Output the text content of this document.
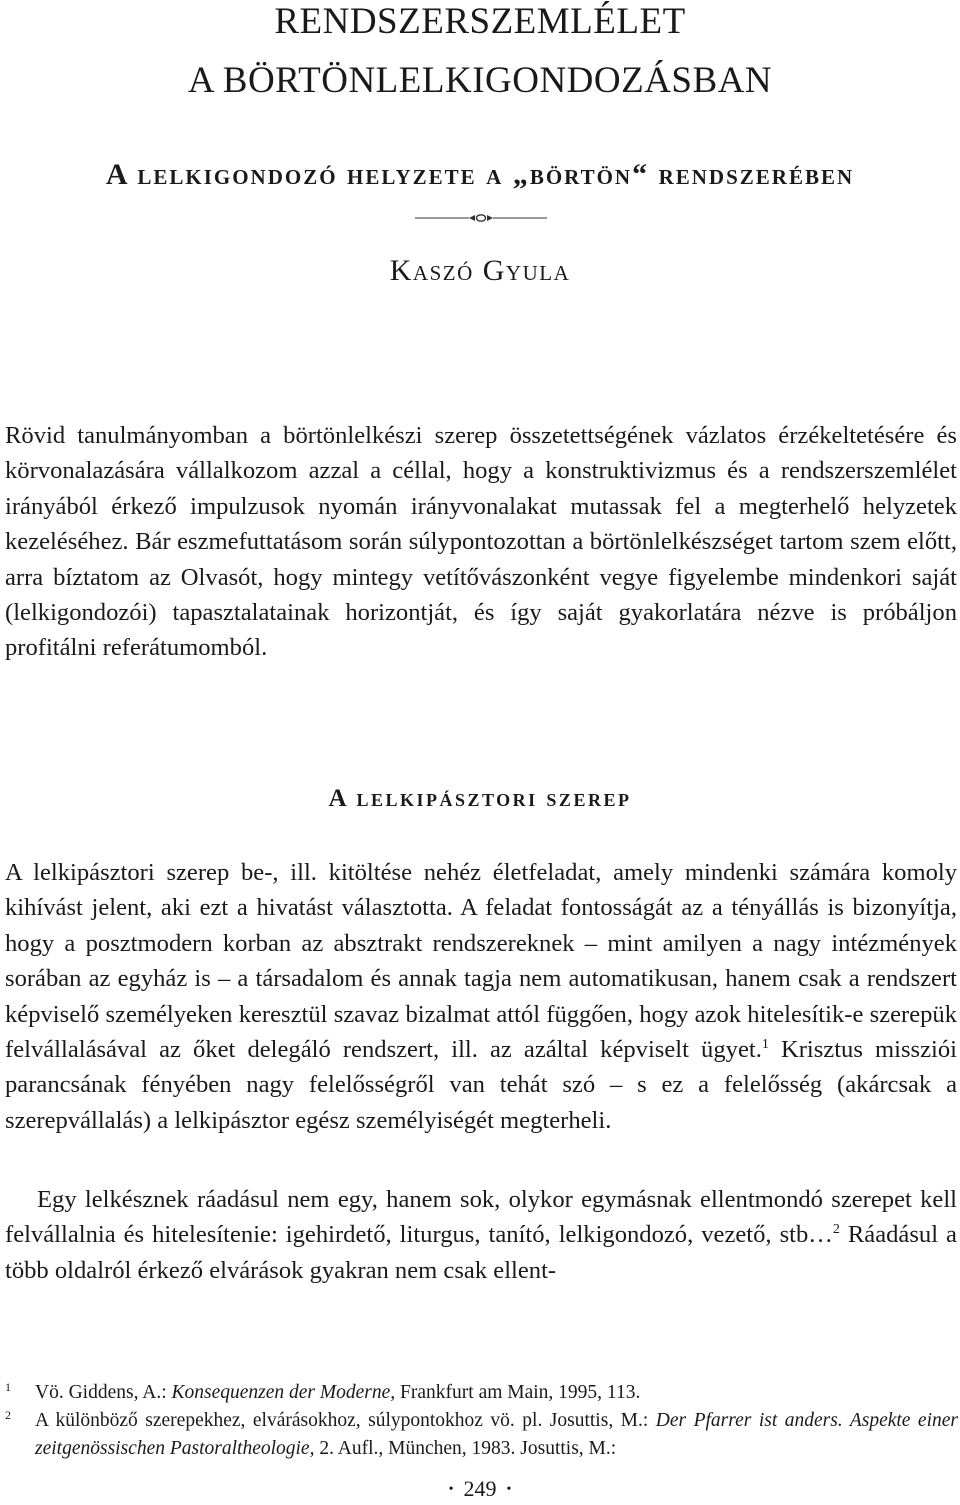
RENDSZERSZEMLÉLET
A BÖRTÖNLELKIGONDOZÁSBAN
A lelkigondozó helyzete a „börtön“ rendszerében
Kaszó Gyula

Rövid tanulmányomban a börtönlelkészi szerep összetettségének vázlatos érzékeltetésére és körvonalazására vállalkozom azzal a céllal, hogy a konstruktivizmus és a rendszerszemlélet irányából érkező impulzusok nyomán irányvonalakat mutassak fel a megterhelő helyzetek kezeléséhez. Bár eszmefuttatásom során súlypontozottan a börtönlelkészséget tartom szem előtt, arra bíztatom az Olvasót, hogy mintegy vetítővászonként vegye figyelembe mindenkori saját (lelkigondozói) tapasztalatainak horizontját, és így saját gyakorlatára nézve is próbáljon profitálni referátumomból.

A lelkipásztori szerep

A lelkipásztori szerep be-, ill. kitöltése nehéz életfeladat, amely mindenki számára komoly kihívást jelent, aki ezt a hivatást választotta. A feladat fontosságát az a tényállás is bizonyítja, hogy a posztmodern korban az absztrakt rendszereknek – mint amilyen a nagy intézmények sorában az egyház is – a társadalom és annak tagja nem automatikusan, hanem csak a rendszert képviselő személyeken keresztül szavaz bizalmat attól függően, hogy azok hitelesítik-e szerepük felvállalásával az őket delegáló rendszert, ill. az azáltal képviselt ügyet.$^1$ Krisztus missziói parancsának fényében nagy felelősségről van tehát szó – s ez a felelősség (akárcsak a szerepvállalás) a lelkipásztor egész személyiségét megterheli.

Egy lelkésznek ráadásul nem egy, hanem sok, olykor egymásnak ellentmondó szerepet kell felvállalnia és hitelesítenie: igehirdető, liturgus, tanító, lelkigondozó, vezető, stb…$^2$ Ráadásul a több oldalról érkező elvárások gyakran nem csak ellent-

1 Vö. Giddens, A.: Konsequenzen der Moderne, Frankfurt am Main, 1995, 113.
2 A különböző szerepekhez, elvárásokhoz, súlypontokhoz vö. pl. Josuttis, M.: Der Pfarrer ist anders. Aspekte einer zeitgenössischen Pastoraltheologie, 2. Aufl., München, 1983. Josuttis, M.:
• 249 •
